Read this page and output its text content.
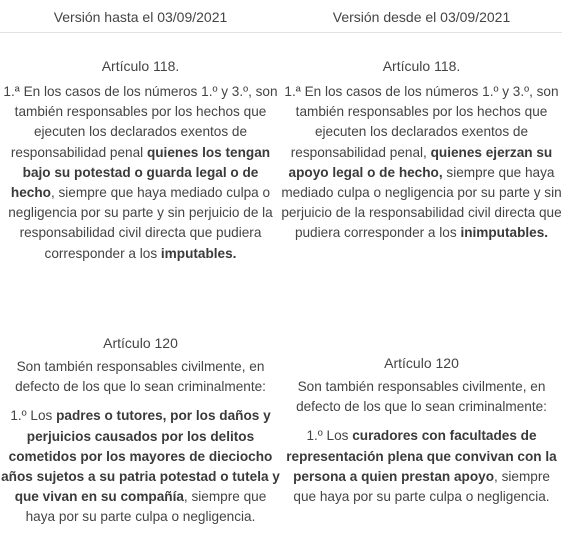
Versión hasta el 03/09/2021	Versión desde el 03/09/2021
Artículo 118.

1.ª En los casos de los números 1.º y 3.º, son también responsables por los hechos que ejecuten los declarados exentos de responsabilidad penal quienes los tengan bajo su potestad o guarda legal o de hecho, siempre que haya mediado culpa o negligencia por su parte y sin perjuicio de la responsabilidad civil directa que pudiera corresponder a los imputables.

Artículo 118.

1.ª En los casos de los números 1.º y 3.º, son también responsables por los hechos que ejecuten los declarados exentos de responsabilidad penal, quienes ejerzan su apoyo legal o de hecho, siempre que haya mediado culpa o negligencia por su parte y sin perjuicio de la responsabilidad civil directa que pudiera corresponder a los inimputables.

Artículo 120

Son también responsables civilmente, en defecto de los que lo sean criminalmente:

1.º Los padres o tutores, por los daños y perjuicios causados por los delitos cometidos por los mayores de dieciocho años sujetos a su patria potestad o tutela y que vivan en su compañía, siempre que haya por su parte culpa o negligencia.

Artículo 120

Son también responsables civilmente, en defecto de los que lo sean criminalmente:

1.º Los curadores con facultades de representación plena que convivan con la persona a quien prestan apoyo, siempre que haya por su parte culpa o negligencia.
